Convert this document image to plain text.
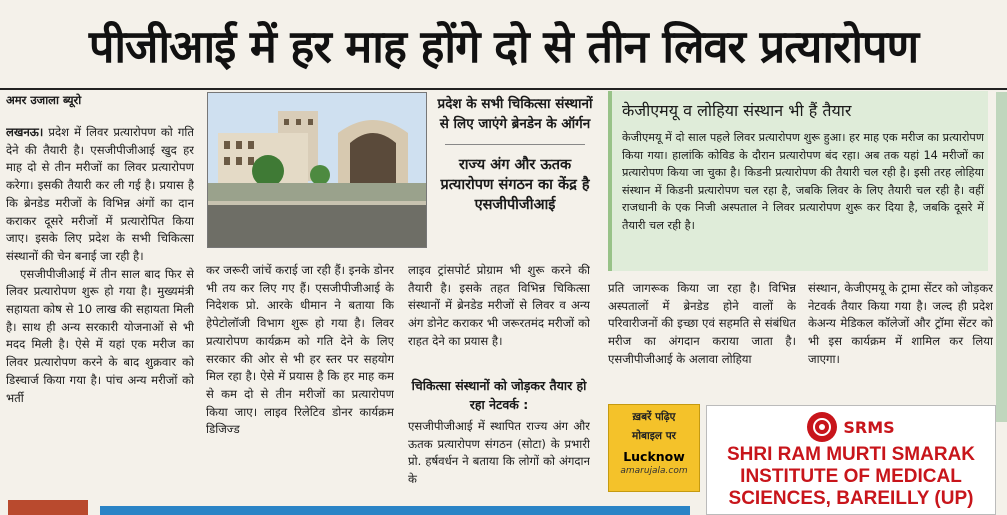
पीजीआई में हर माह होंगे दो से तीन लिवर प्रत्यारोपण
अमर उजाला ब्यूरो

लखनऊ। प्रदेश में लिवर प्रत्यारोपण को गति देने की तैयारी है। एसजीपीजीआई खुद हर माह दो से तीन मरीजों का लिवर प्रत्यारोपण करेगा। इसकी तैयारी कर ली गई है। प्रयास है कि ब्रेनडेड मरीजों के विभिन्न अंगों का दान कराकर दूसरे मरीजों में प्रत्यारोपित किया जाए। इसके लिए प्रदेश के सभी चिकित्सा संस्थानों की चेन बनाई जा रही है।

एसजीपीजीआई में तीन साल बाद फिर से लिवर प्रत्यारोपण शुरू हो गया है। मुख्यमंत्री सहायता कोष से 10 लाख की सहायता मिली है। साथ ही अन्य सरकारी योजनाओं से भी मदद मिली है। ऐसे में यहां एक मरीज का लिवर प्रत्यारोपण करने के बाद शुक्रवार को डिस्चार्ज किया गया है। पांच अन्य मरीजों को भर्ती

प्रदेश के सभी चिकित्सा संस्थानों से लिए जाएंगे ब्रेनडेन के ऑर्गन
राज्य अंग और ऊतक प्रत्यारोपण संगठन का केंद्र है एसजीपीजीआई
केजीएमयू व लोहिया संस्थान भी हैं तैयार
केजीएमयू में दो साल पहले लिवर प्रत्यारोपण शुरू हुआ। हर माह एक मरीज का प्रत्यारोपण किया गया। हालांकि कोविड के दौरान प्रत्यारोपण बंद रहा। अब तक यहां 14 मरीजों का प्रत्यारोपण किया जा चुका है। किडनी प्रत्यारोपण की तैयारी चल रही है। इसी तरह लोहिया संस्थान में किडनी प्रत्यारोपण चल रहा है, जबकि लिवर के लिए तैयारी चल रही है। वहीं राजधानी के एक निजी अस्पताल ने लिवर प्रत्यारोपण शुरू कर दिया है, जबकि दूसरे में तैयारी चल रही है।
कर जरूरी जांचें कराई जा रही हैं। इनके डोनर भी तय कर लिए गए हैं। एसजीपीजीआई के निदेशक प्रो. आरके धीमान ने बताया कि हेपेटोलॉजी विभाग शुरू हो गया है। लिवर प्रत्यारोपण कार्यक्रम को गति देने के लिए सरकार की ओर से भी हर स्तर पर सहयोग मिल रहा है। ऐसे में प्रयास है कि हर माह कम से कम दो से तीन मरीजों का प्रत्यारोपण किया जाए। लाइव रिलेटिव डोनर कार्यक्रम डिजिज्ड
लाइव ट्रांसपोर्ट प्रोग्राम भी शुरू करने की तैयारी है। इसके तहत विभिन्न चिकित्सा संस्थानों में ब्रेनडेड मरीजों से लिवर व अन्य अंग डोनेट कराकर भी जरूरतमंद मरीजों को राहत देने का प्रयास है।
चिकित्सा संस्थानों को जोड़कर तैयार हो रहा नेटवर्क :
एसजीपीजीआई में स्थापित राज्य अंग और ऊतक प्रत्यारोपण संगठन (सोटा) के प्रभारी प्रो. हर्षवर्धन ने बताया कि लोगों को अंगदान के
प्रति जागरूक किया जा रहा है। विभिन्न अस्पतालों में ब्रेनडेड होने वालों के परिवारीजनों की इच्छा एवं सहमति से संबंधित मरीज का अंगदान कराया जाता है। एसजीपीजीआई के अलावा लोहिया
संस्थान, केजीएमयू के ट्रामा सेंटर को जोड़कर नेटवर्क तैयार किया गया है। जल्द ही प्रदेश केअन्य मेडिकल कॉलेजों और ट्रॉमा सेंटर को भी इस कार्यक्रम में शामिल कर लिया जाएगा।
ख़बरें पढ़िए
मोबाइल पर
Lucknow
amarujala.com
SRMS
SHRI RAM MURTI SMARAK
INSTITUTE OF MEDICAL
SCIENCES, BAREILLY (UP)
